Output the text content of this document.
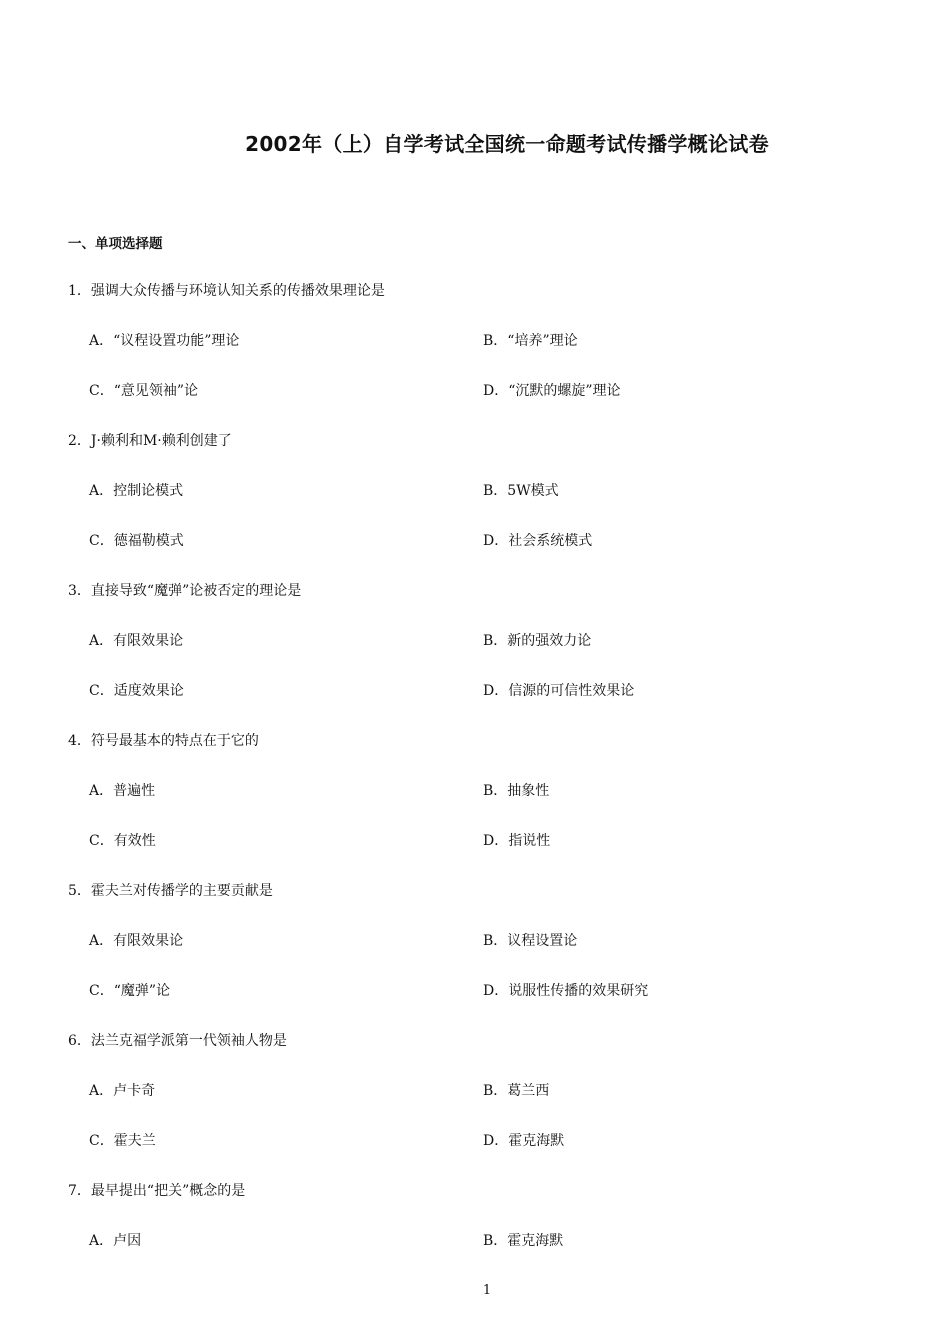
2002年（上）自学考试全国统一命题考试传播学概论试卷
一、单项选择题
1．强调大众传播与环境认知关系的传播效果理论是
A．“议程设置功能”理论	B．“培养”理论
C．“意见领袖”论	D．“沉默的螺旋”理论
2．J·赖利和M·赖利创建了
A．控制论模式	B．5W模式
C．德福勒模式	D．社会系统模式
3．直接导致“魔弹”论被否定的理论是
A．有限效果论	B．新的强效力论
C．适度效果论	D．信源的可信性效果论
4．符号最基本的特点在于它的
A．普遍性	B．抽象性
C．有效性	D．指说性
5．霍夫兰对传播学的主要贡献是
A．有限效果论	B．议程设置论
C．“魔弹”论	D．说服性传播的效果研究
6．法兰克福学派第一代领袖人物是
A．卢卡奇	B．葛兰西
C．霍夫兰	D．霍克海默
7．最早提出“把关”概念的是
A．卢因	B．霍克海默
1
